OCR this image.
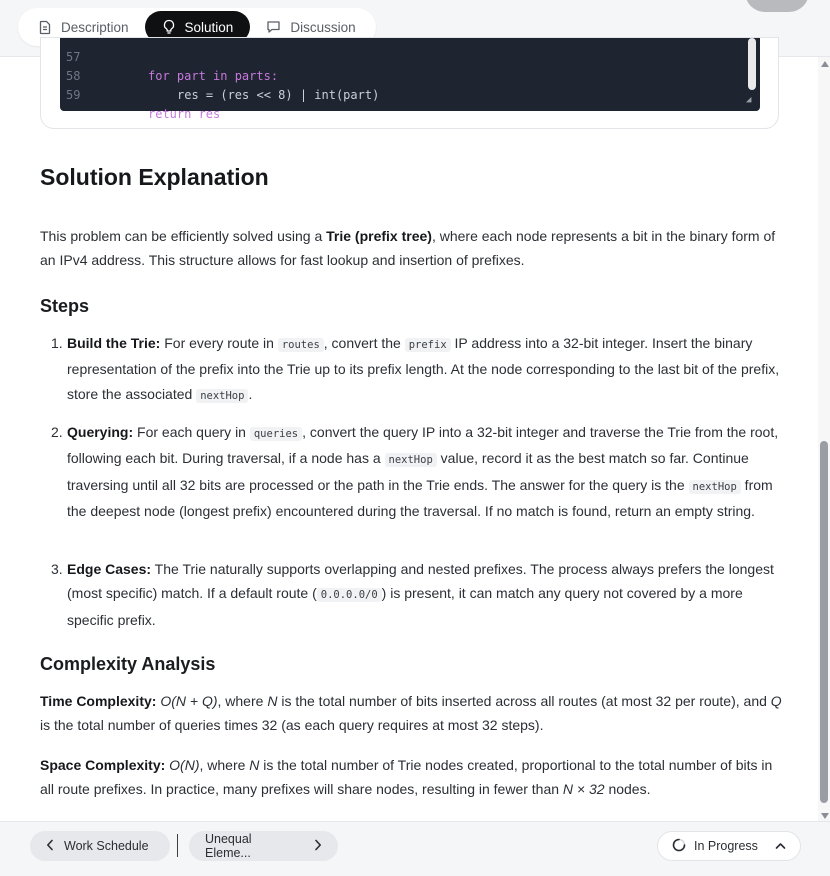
Description	Solution	Discussion

57

for part in parts:

58

res = (res << 8) | int(part)

59

return res

◢
Solution Explanation

This problem can be efficiently solved using a Trie (prefix tree), where each node represents a bit in the binary form of an IPv4 address. This structure allows for fast lookup and insertion of prefixes.

Steps
1. Build the Trie: For every route in routes , convert the prefix IP address into a 32-bit integer. Insert the binary representation of the prefix into the Trie up to its prefix length. At the node corresponding to the last bit of the prefix, store the associated nextHop .
2. Querying: For each query in queries , convert the query IP into a 32-bit integer and traverse the Trie from the root, following each bit. During traversal, if a node has a nextHop value, record it as the best match so far. Continue traversing until all 32 bits are processed or the path in the Trie ends. The answer for the query is the nextHop from the deepest node (longest prefix) encountered during the traversal. If no match is found, return an empty string.
3. Edge Cases: The Trie naturally supports overlapping and nested prefixes. The process always prefers the longest (most specific) match. If a default route ( 0.0.0.0/0 ) is present, it can match any query not covered by a more specific prefix.
Complexity Analysis

Time Complexity: O(N + Q), where N is the total number of bits inserted across all routes (at most 32 per route), and Q is the total number of queries times 32 (as each query requires at most 32 steps).

Space Complexity: O(N), where N is the total number of Trie nodes created, proportional to the total number of bits in all route prefixes. In practice, many prefixes will share nodes, resulting in fewer than N × 32 nodes.

Work Schedule	Unequal Eleme...	In Progress
